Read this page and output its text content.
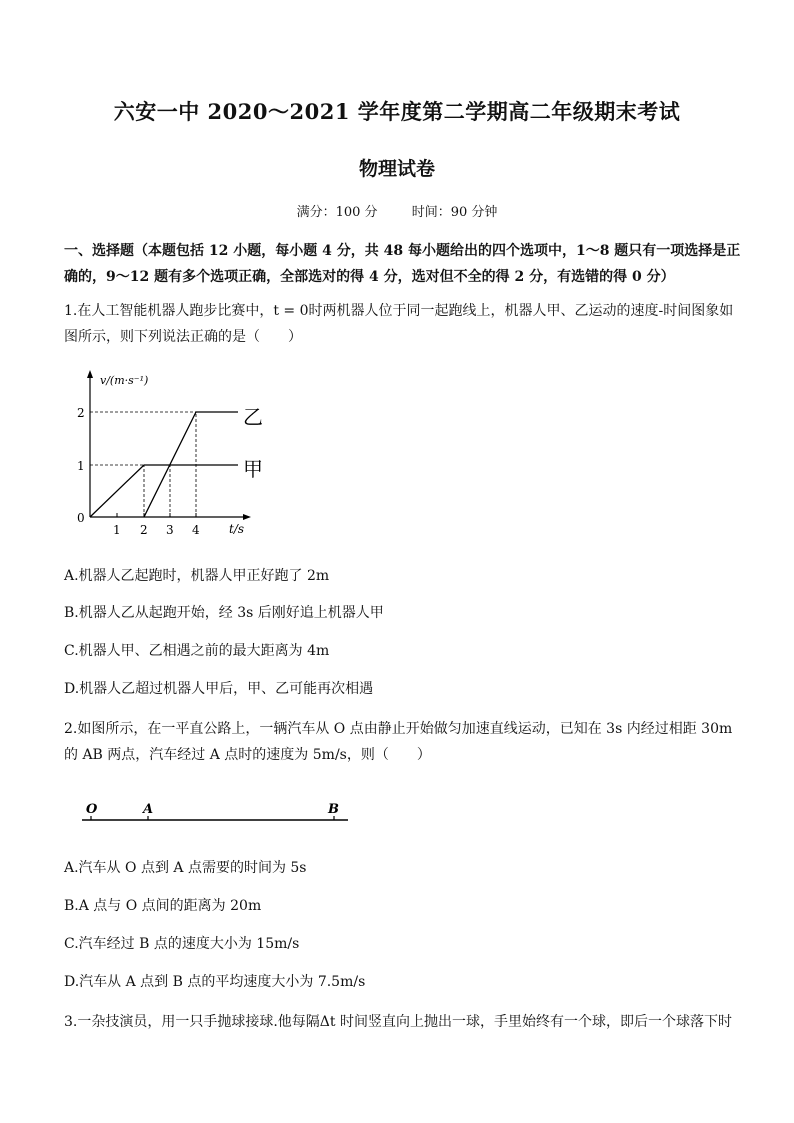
六安一中 2020～2021 学年度第二学期高二年级期末考试
物理试卷
满分：100 分	时间：90 分钟
一、选择题（本题包括 12 小题，每小题 4 分，共 48 每小题给出的四个选项中，1～8 题只有一项选择是正确的，9～12 题有多个选项正确，全部选对的得 4 分，选对但不全的得 2 分，有选错的得 0 分）
1.在人工智能机器人跑步比赛中，t = 0时两机器人位于同一起跑线上，机器人甲、乙运动的速度-时间图象如图所示，则下列说法正确的是（　　）
v/(m·s⁻¹)
t/s
0
1 2 3 4
1
2	乙
甲
A.机器人乙起跑时，机器人甲正好跑了 2m
B.机器人乙从起跑开始，经 3s 后刚好追上机器人甲
C.机器人甲、乙相遇之前的最大距离为 4m
D.机器人乙超过机器人甲后，甲、乙可能再次相遇
2.如图所示，在一平直公路上，一辆汽车从 O 点由静止开始做匀加速直线运动，已知在 3s 内经过相距 30m 的 AB 两点，汽车经过 A 点时的速度为 5m/s，则（　　）
O	A	B
A.汽车从 O 点到 A 点需要的时间为 5s
B.A 点与 O 点间的距离为 20m
C.汽车经过 B 点的速度大小为 15m/s
D.汽车从 A 点到 B 点的平均速度大小为 7.5m/s
3.一杂技演员，用一只手抛球接球.他每隔Δt 时间竖直向上抛出一球，手里始终有一个球，即后一个球落下时
